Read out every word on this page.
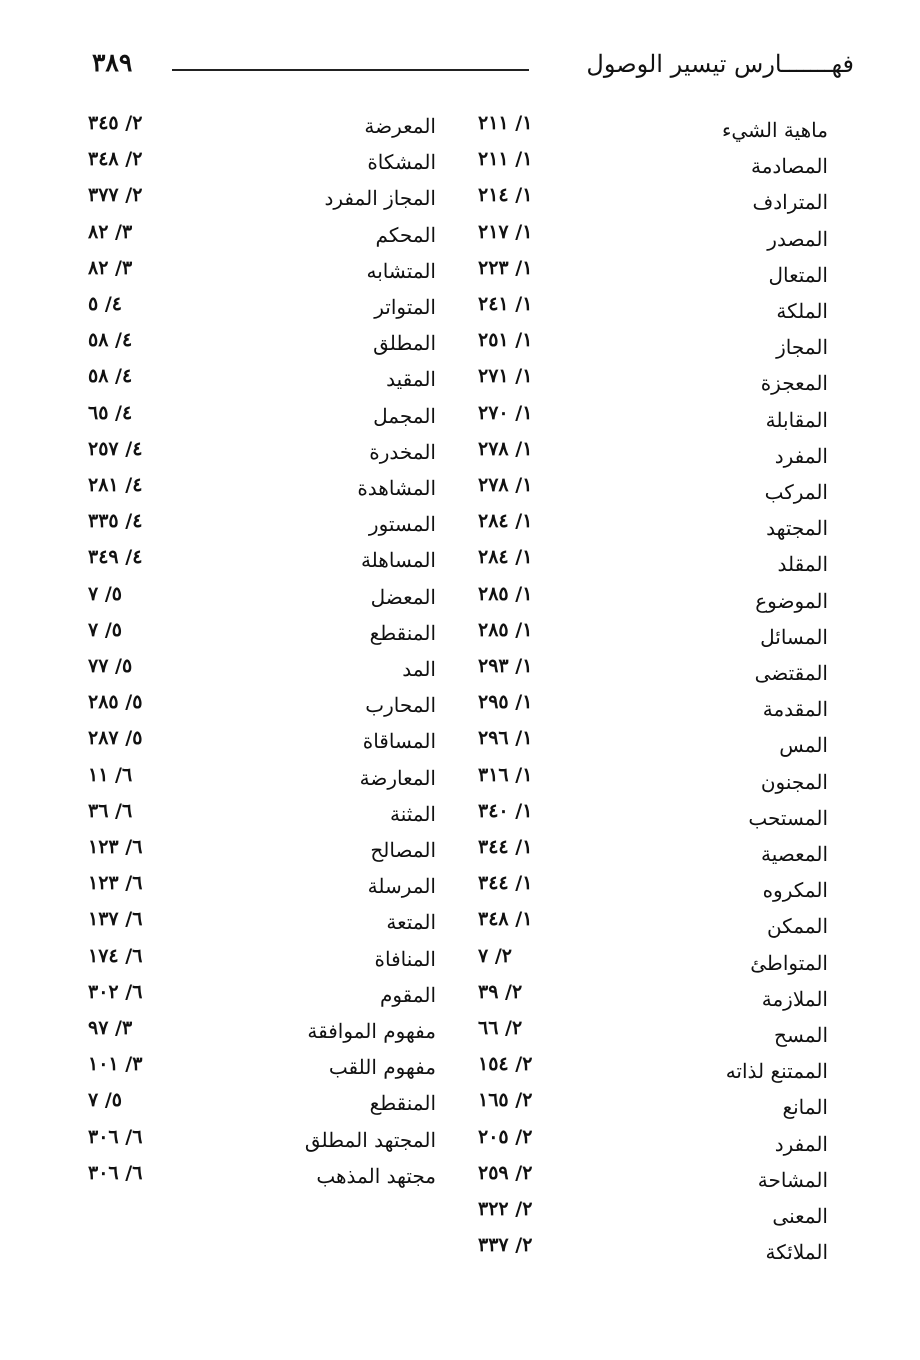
فهـــــــارس تيسير الوصول
٣٨٩
ماهية الشيء
١/ ٢١١
المصادمة
١/ ٢١١
المترادف
١/ ٢١٤
المصدر
١/ ٢١٧
المتعال
١/ ٢٢٣
الملكة
١/ ٢٤١
المجاز
١/ ٢٥١
المعجزة
١/ ٢٧١
المقابلة
١/ ٢٧٠
المفرد
١/ ٢٧٨
المركب
١/ ٢٧٨
المجتهد
١/ ٢٨٤
المقلد
١/ ٢٨٤
الموضوع
١/ ٢٨٥
المسائل
١/ ٢٨٥
المقتضى
١/ ٢٩٣
المقدمة
١/ ٢٩٥
المس
١/ ٢٩٦
المجنون
١/ ٣١٦
المستحب
١/ ٣٤٠
المعصية
١/ ٣٤٤
المكروه
١/ ٣٤٤
الممكن
١/ ٣٤٨
المتواطئ
٢/ ٧
الملازمة
٢/ ٣٩
المسح
٢/ ٦٦
الممتنع لذاته
٢/ ١٥٤
المانع
٢/ ١٦٥
المفرد
٢/ ٢٠٥
المشاحة
٢/ ٢٥٩
المعنى
٢/ ٣٢٢
الملائكة
٢/ ٣٣٧
المعرضة
٢/ ٣٤٥
المشكاة
٢/ ٣٤٨
المجاز المفرد
٢/ ٣٧٧
المحكم
٣/ ٨٢
المتشابه
٣/ ٨٢
المتواتر
٤/ ٥
المطلق
٤/ ٥٨
المقيد
٤/ ٥٨
المجمل
٤/ ٦٥
المخدرة
٤/ ٢٥٧
المشاهدة
٤/ ٢٨١
المستور
٤/ ٣٣٥
المساهلة
٤/ ٣٤٩
المعضل
٥/ ٧
المنقطع
٥/ ٧
المد
٥/ ٧٧
المحارب
٥/ ٢٨٥
المساقاة
٥/ ٢٨٧
المعارضة
٦/ ١١
المثنة
٦/ ٣٦
المصالح
٦/ ١٢٣
المرسلة
٦/ ١٢٣
المتعة
٦/ ١٣٧
المنافاة
٦/ ١٧٤
المقوم
٦/ ٣٠٢
مفهوم الموافقة
٣/ ٩٧
مفهوم اللقب
٣/ ١٠١
المنقطع
٥/ ٧
المجتهد المطلق
٦/ ٣٠٦
مجتهد المذهب
٦/ ٣٠٦
